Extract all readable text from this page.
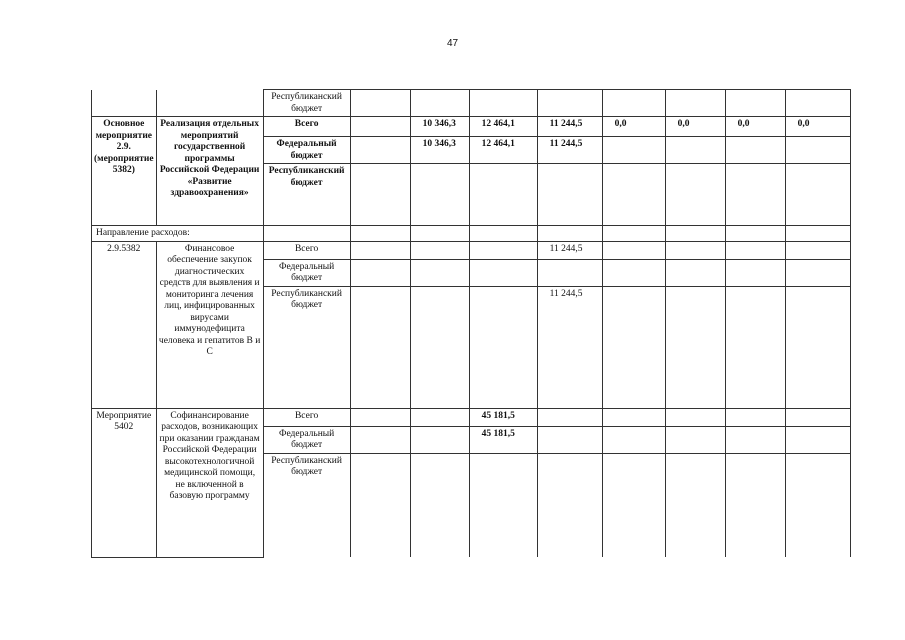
47
		Республиканский бюджет								
Основное мероприятие 2.9. (мероприятие 5382)	Реализация отдельных мероприятий государственной программы Российской Федерации «Развитие здравоохранения»	Всего		10 346,3	12 464,1	11 244,5	0,0	0,0	0,0	0,0
		Федеральный бюджет		10 346,3	12 464,1	11 244,5				
		Республиканский бюджет								
Направление расходов:										
2.9.5382	Финансовое обеспечение закупок диагностических средств для выявления и мониторинга лечения лиц, инфицированных вирусами иммунодефицита человека и гепатитов В и С	Всего				11 244,5				
		Федеральный бюджет								
		Республиканский бюджет				11 244,5				
Мероприятие 5402	Софинансирование расходов, возникающих при оказании гражданам Российской Федерации высокотехнологичной медицинской помощи, не включенной в базовую программу	Всего			45 181,5					
		Федеральный бюджет			45 181,5					
		Республиканский бюджет								
